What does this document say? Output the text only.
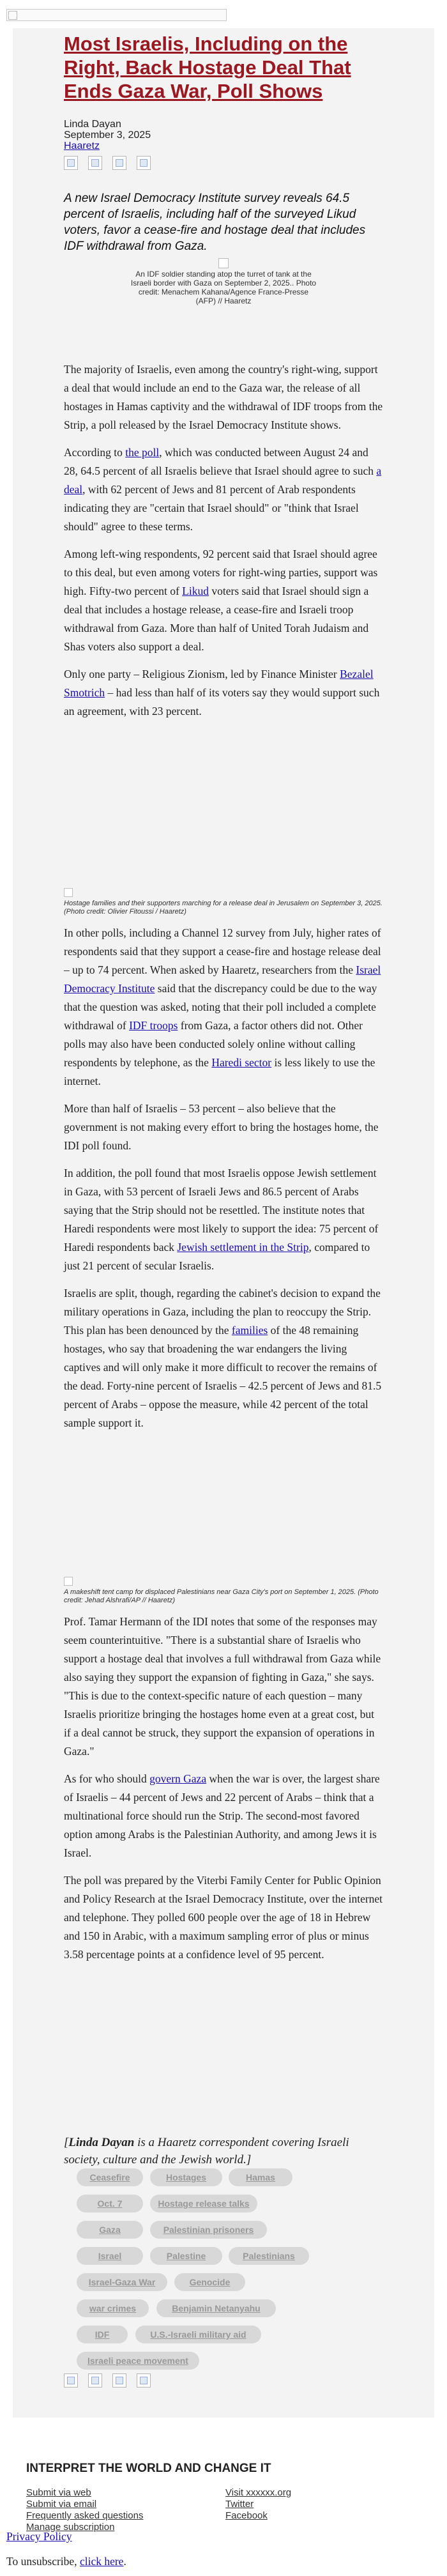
Most Israelis, Including on the Right, Back Hostage Deal That Ends Gaza War, Poll Shows
Linda Dayan
September 3, 2025
Haaretz
A new Israel Democracy Institute survey reveals 64.5 percent of Israelis, including half of the surveyed Likud voters, favor a cease-fire and hostage deal that includes IDF withdrawal from Gaza.
An IDF soldier standing atop the turret of tank at the Israeli border with Gaza on September 2, 2025.. Photo credit: Menachem Kahana/Agence France-Presse (AFP) // Haaretz

The majority of Israelis, even among the country's right-wing, support a deal that would include an end to the Gaza war, the release of all hostages in Hamas captivity and the withdrawal of IDF troops from the Strip, a poll released by the Israel Democracy Institute shows.

According to the poll, which was conducted between August 24 and 28, 64.5 percent of all Israelis believe that Israel should agree to such a deal, with 62 percent of Jews and 81 percent of Arab respondents indicating they are "certain that Israel should" or "think that Israel should" agree to these terms.

Among left-wing respondents, 92 percent said that Israel should agree to this deal, but even among voters for right-wing parties, support was high. Fifty-two percent of Likud voters said that Israel should sign a deal that includes a hostage release, a cease-fire and Israeli troop withdrawal from Gaza. More than half of United Torah Judaism and Shas voters also support a deal.

Only one party – Religious Zionism, led by Finance Minister Bezalel Smotrich – had less than half of its voters say they would support such an agreement, with 23 percent.

Hostage families and their supporters marching for a release deal in Jerusalem on September 3, 2025. (Photo credit: Olivier Fitoussi / Haaretz)

In other polls, including a Channel 12 survey from July, higher rates of respondents said that they support a cease-fire and hostage release deal – up to 74 percent. When asked by Haaretz, researchers from the Israel Democracy Institute said that the discrepancy could be due to the way that the question was asked, noting that their poll included a complete withdrawal of IDF troops from Gaza, a factor others did not. Other polls may also have been conducted solely online without calling respondents by telephone, as the Haredi sector is less likely to use the internet.

More than half of Israelis – 53 percent – also believe that the government is not making every effort to bring the hostages home, the IDI poll found.

In addition, the poll found that most Israelis oppose Jewish settlement in Gaza, with 53 percent of Israeli Jews and 86.5 percent of Arabs saying that the Strip should not be resettled. The institute notes that Haredi respondents were most likely to support the idea: 75 percent of Haredi respondents back Jewish settlement in the Strip, compared to just 21 percent of secular Israelis.

Israelis are split, though, regarding the cabinet's decision to expand the military operations in Gaza, including the plan to reoccupy the Strip. This plan has been denounced by the families of the 48 remaining hostages, who say that broadening the war endangers the living captives and will only make it more difficult to recover the remains of the dead. Forty-nine percent of Israelis – 42.5 percent of Jews and 81.5 percent of Arabs – oppose the measure, while 42 percent of the total sample support it.

A makeshift tent camp for displaced Palestinians near Gaza City's port on September 1, 2025. (Photo credit: Jehad Alshrafi/AP // Haaretz)

Prof. Tamar Hermann of the IDI notes that some of the responses may seem counterintuitive. "There is a substantial share of Israelis who support a hostage deal that involves a full withdrawal from Gaza while also saying they support the expansion of fighting in Gaza," she says. "This is due to the context-specific nature of each question – many Israelis prioritize bringing the hostages home even at a great cost, but if a deal cannot be struck, they support the expansion of operations in Gaza."

As for who should govern Gaza when the war is over, the largest share of Israelis – 44 percent of Jews and 22 percent of Arabs – think that a multinational force should run the Strip. The second-most favored option among Arabs is the Palestinian Authority, and among Jews it is Israel.

The poll was prepared by the Viterbi Family Center for Public Opinion and Policy Research at the Israel Democracy Institute, over the internet and telephone. They polled 600 people over the age of 18 in Hebrew and 150 in Arabic, with a maximum sampling error of plus or minus 3.58 percentage points at a confidence level of 95 percent.

[Linda Dayan is a Haaretz correspondent covering Israeli society, culture and the Jewish world.]
Ceasefire	Hostages	Hamas
Oct. 7	Hostage release talks
Gaza	Palestinian prisoners
Israel	Palestine	Palestinians
Israel-Gaza War	Genocide
war crimes	Benjamin Netanyahu
IDF	U.S.-Israeli military aid
Israeli peace movement
INTERPRET THE WORLD AND CHANGE IT
Submit via web
Submit via email
Frequently asked questions
Manage subscription
Visit xxxxxx.org
Twitter
Facebook
Privacy Policy
To unsubscribe, click here.
